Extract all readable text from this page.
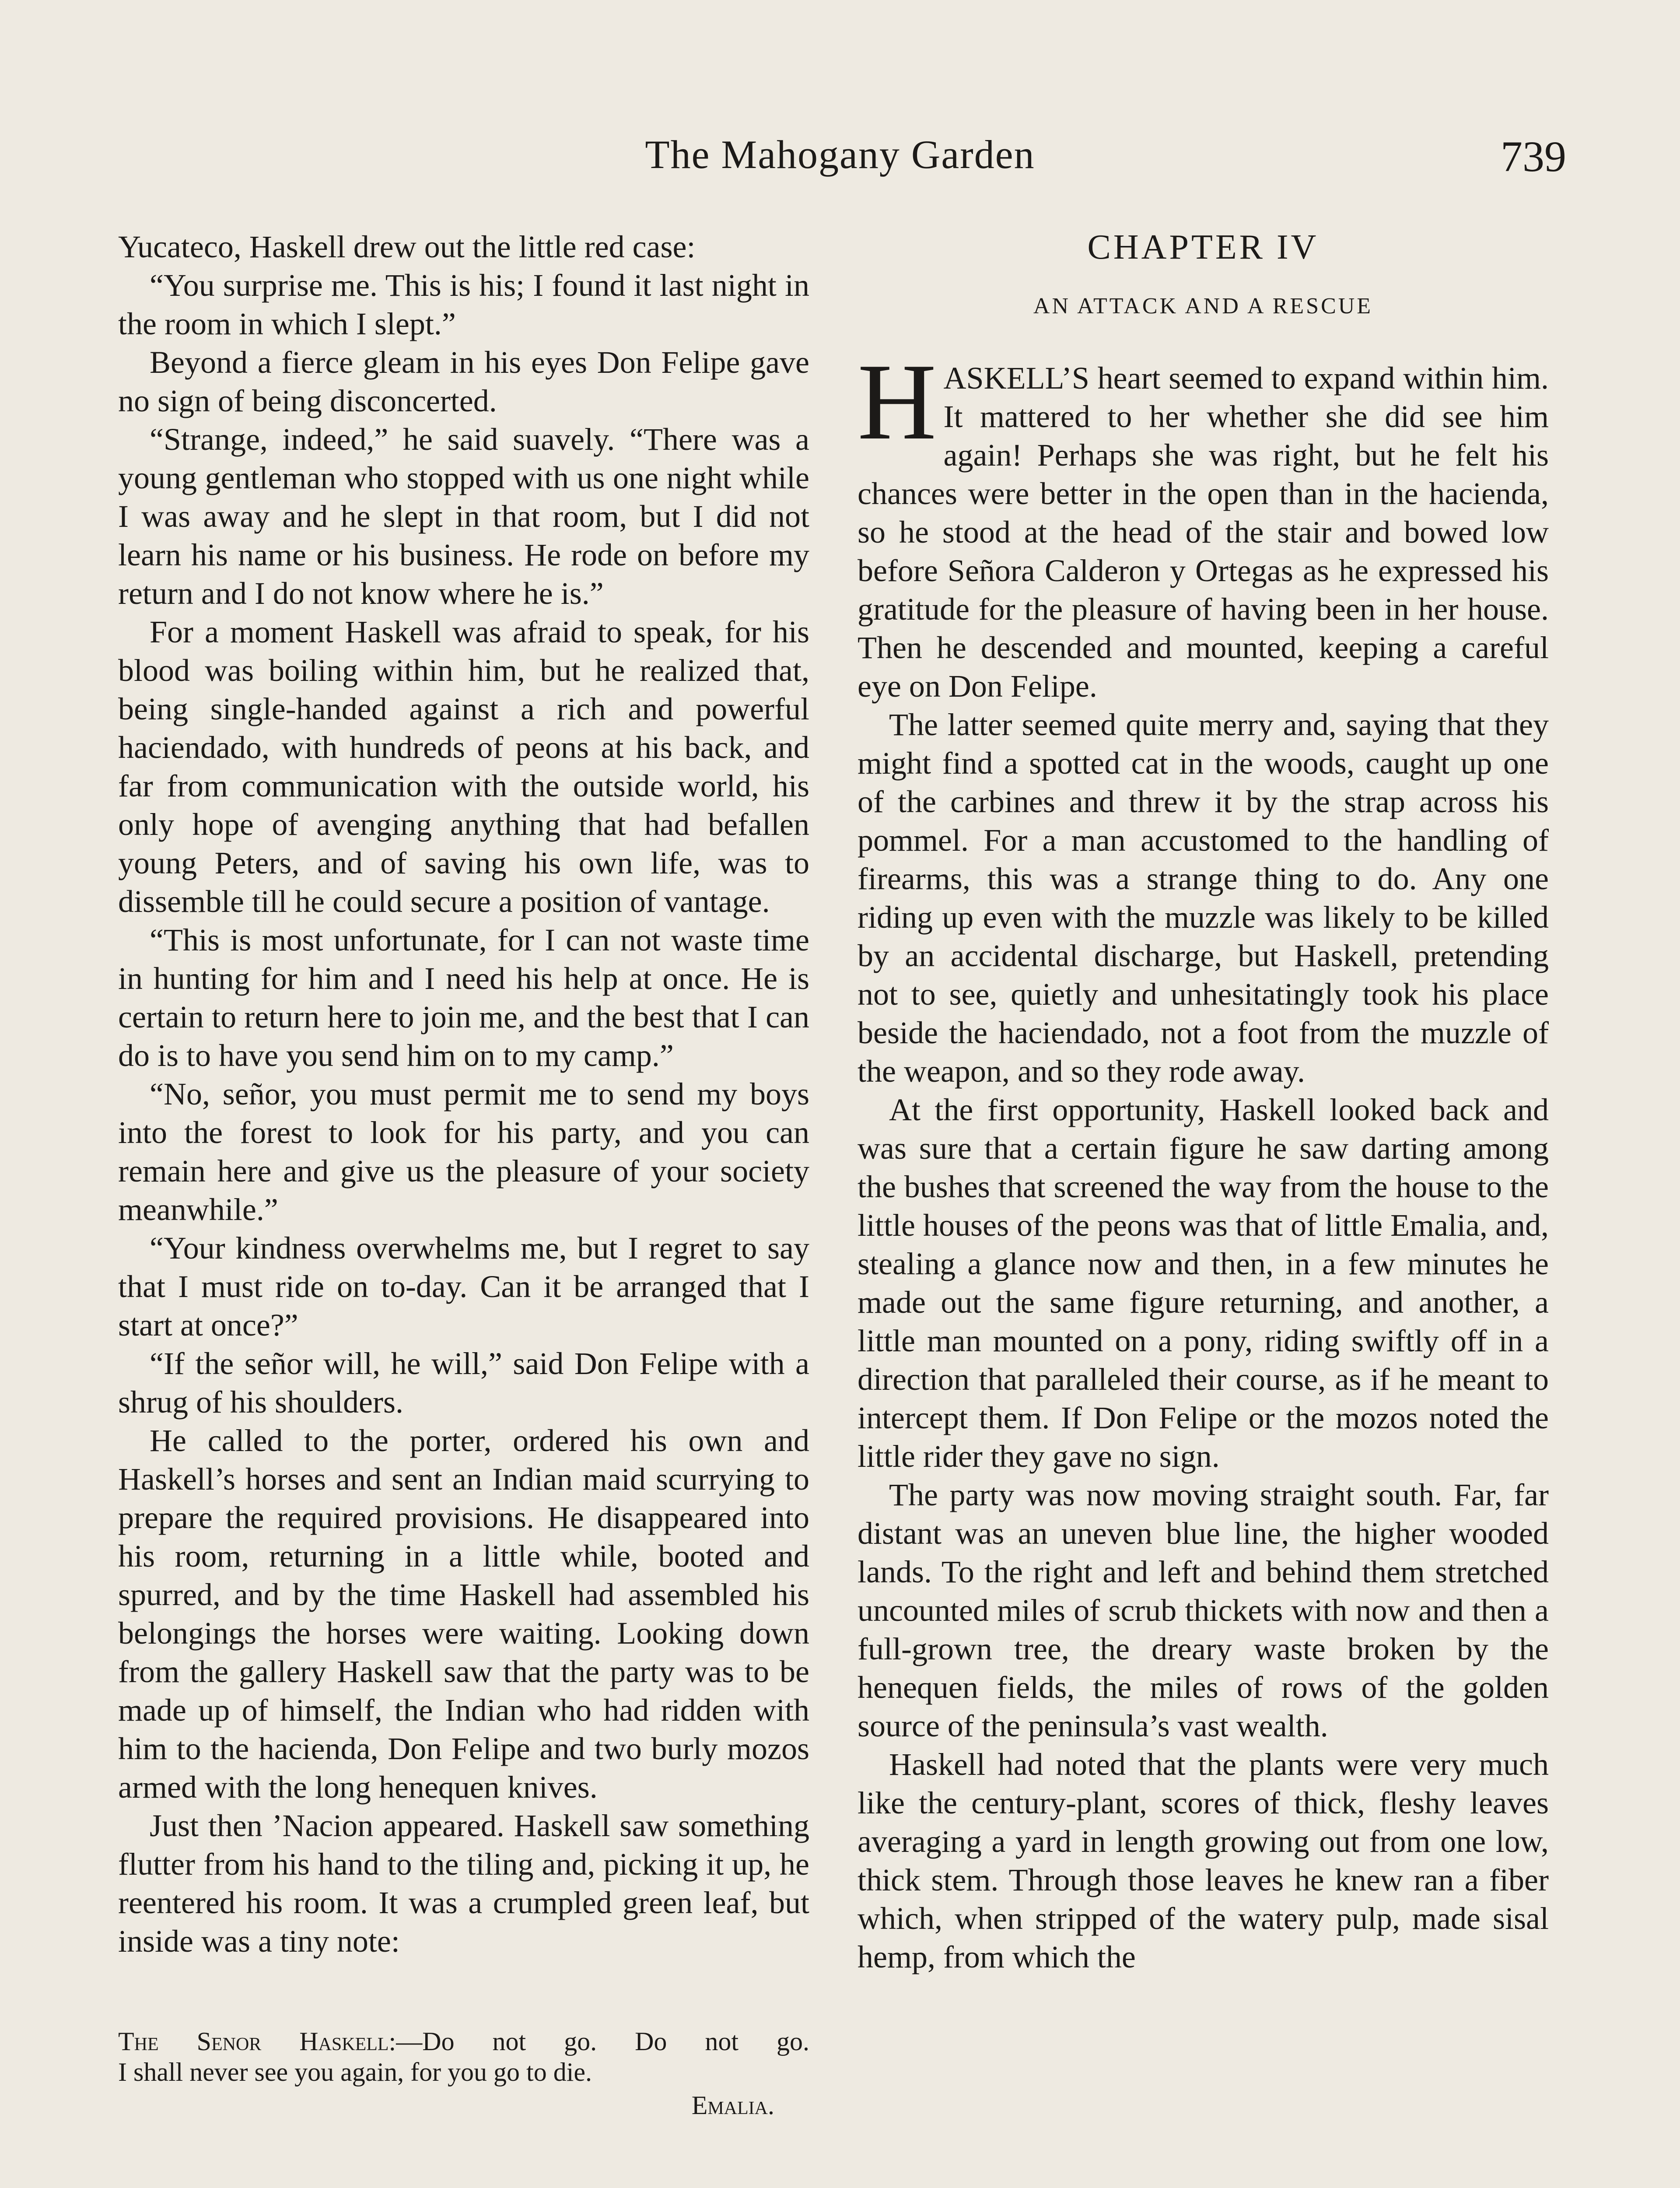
The Mahogany Garden	739

Yucateco, Haskell drew out the little red case:

“You surprise me. This is his; I found it last night in the room in which I slept.”

Beyond a fierce gleam in his eyes Don Felipe gave no sign of being disconcerted.

“Strange, indeed,” he said suavely. “There was a young gentleman who stopped with us one night while I was away and he slept in that room, but I did not learn his name or his business. He rode on before my return and I do not know where he is.”

For a moment Haskell was afraid to speak, for his blood was boiling within him, but he realized that, being single-handed against a rich and powerful haciendado, with hundreds of peons at his back, and far from communication with the outside world, his only hope of avenging anything that had befallen young Peters, and of saving his own life, was to dissemble till he could secure a position of vantage.

“This is most unfortunate, for I can not waste time in hunting for him and I need his help at once. He is certain to return here to join me, and the best that I can do is to have you send him on to my camp.”

“No, señor, you must permit me to send my boys into the forest to look for his party, and you can remain here and give us the pleasure of your society meanwhile.”

“Your kindness overwhelms me, but I regret to say that I must ride on to-day. Can it be arranged that I start at once?”

“If the señor will, he will,” said Don Felipe with a shrug of his shoulders.

He called to the porter, ordered his own and Haskell’s horses and sent an Indian maid scurrying to prepare the required provisions. He disappeared into his room, returning in a little while, booted and spurred, and by the time Haskell had assembled his belongings the horses were waiting. Looking down from the gallery Haskell saw that the party was to be made up of himself, the Indian who had ridden with him to the hacienda, Don Felipe and two burly mozos armed with the long henequen knives.

Just then ’Nacion appeared. Haskell saw something flutter from his hand to the tiling and, picking it up, he reentered his room. It was a crumpled green leaf, but inside was a tiny note:

The Senor Haskell:—Do not go. Do not go.
I shall never see you again, for you go to die.
Emalia.
CHAPTER IV
AN ATTACK AND A RESCUE

HASKELL’S heart seemed to expand within him. It mattered to her whether she did see him again! Perhaps she was right, but he felt his chances were better in the open than in the hacienda, so he stood at the head of the stair and bowed low before Señora Calderon y Ortegas as he expressed his gratitude for the pleasure of having been in her house. Then he descended and mounted, keeping a careful eye on Don Felipe.

The latter seemed quite merry and, saying that they might find a spotted cat in the woods, caught up one of the carbines and threw it by the strap across his pommel. For a man accustomed to the handling of firearms, this was a strange thing to do. Any one riding up even with the muzzle was likely to be killed by an accidental discharge, but Haskell, pretending not to see, quietly and unhesitatingly took his place beside the haciendado, not a foot from the muzzle of the weapon, and so they rode away.

At the first opportunity, Haskell looked back and was sure that a certain figure he saw darting among the bushes that screened the way from the house to the little houses of the peons was that of little Emalia, and, stealing a glance now and then, in a few minutes he made out the same figure returning, and another, a little man mounted on a pony, riding swiftly off in a direction that paralleled their course, as if he meant to intercept them. If Don Felipe or the mozos noted the little rider they gave no sign.

The party was now moving straight south. Far, far distant was an uneven blue line, the higher wooded lands. To the right and left and behind them stretched uncounted miles of scrub thickets with now and then a full-grown tree, the dreary waste broken by the henequen fields, the miles of rows of the golden source of the peninsula’s vast wealth.

Haskell had noted that the plants were very much like the century-plant, scores of thick, fleshy leaves averaging a yard in length growing out from one low, thick stem. Through those leaves he knew ran a fiber which, when stripped of the watery pulp, made sisal hemp, from which the
